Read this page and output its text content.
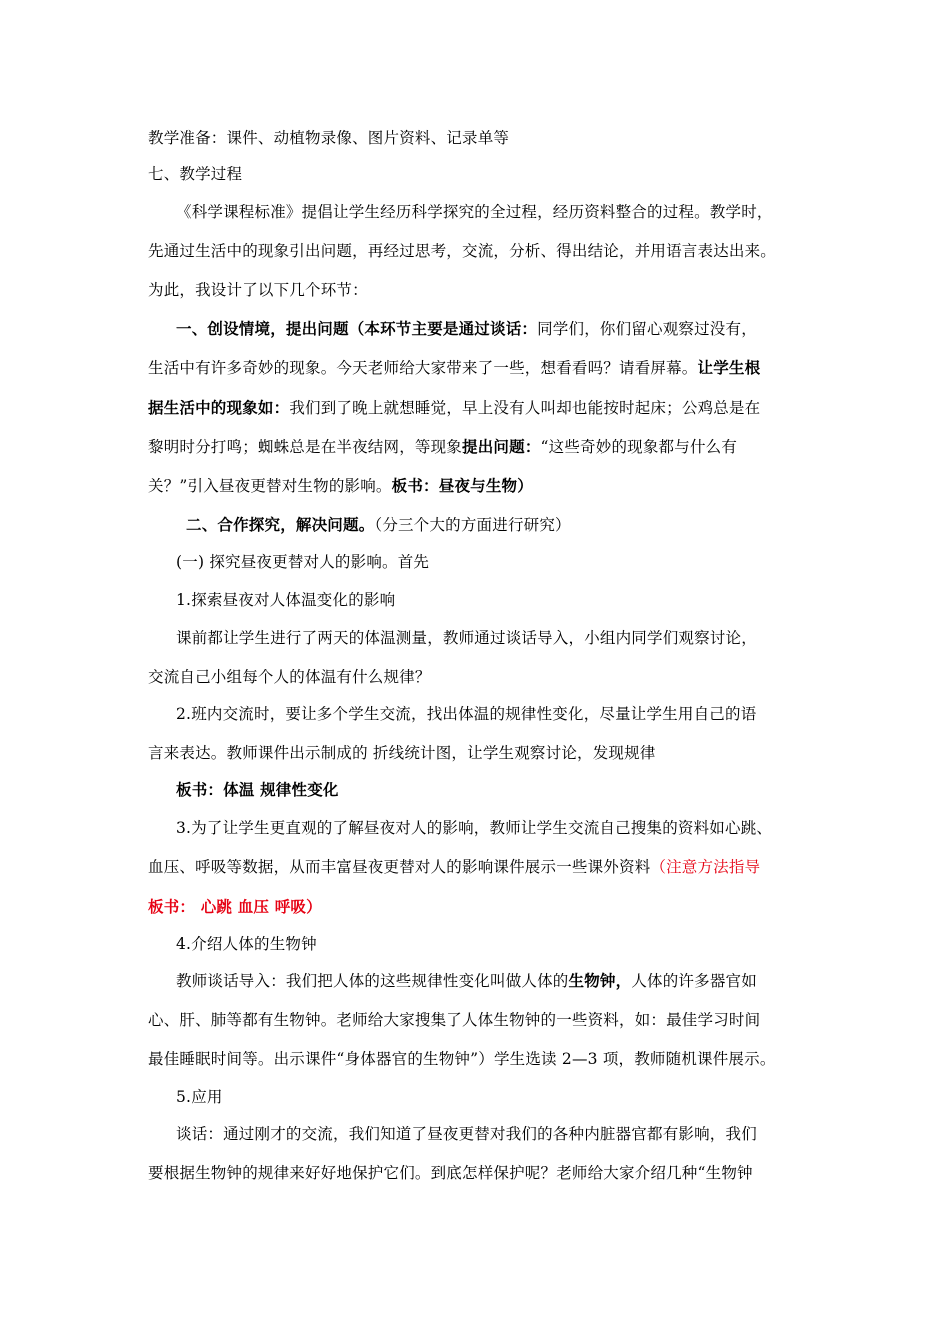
教学准备：课件、动植物录像、图片资料、记录单等
七、教学过程
《科学课程标准》提倡让学生经历科学探究的全过程，经历资料整合的过程。教学时，
先通过生活中的现象引出问题，再经过思考，交流，分析、得出结论，并用语言表达出来。
为此，我设计了以下几个环节：
一、创设情境，提出问题（本环节主要是通过谈话：同学们，你们留心观察过没有，
生活中有许多奇妙的现象。今天老师给大家带来了一些，想看看吗？请看屏幕。让学生根
据生活中的现象如：我们到了晚上就想睡觉，早上没有人叫却也能按时起床；公鸡总是在
黎明时分打鸣；蜘蛛总是在半夜结网，等现象提出问题：“这些奇妙的现象都与什么有
关？”引入昼夜更替对生物的影响。板书：昼夜与生物）
二、合作探究，解决问题。（分三个大的方面进行研究）
(一) 探究昼夜更替对人的影响。首先
1.探索昼夜对人体温变化的影响
课前都让学生进行了两天的体温测量，教师通过谈话导入，小组内同学们观察讨论，
交流自己小组每个人的体温有什么规律？
2.班内交流时，要让多个学生交流，找出体温的规律性变化，尽量让学生用自己的语
言来表达。教师课件出示制成的 折线统计图，让学生观察讨论，发现规律
板书：体温 规律性变化
3.为了让学生更直观的了解昼夜对人的影响，教师让学生交流自己搜集的资料如心跳、
血压、呼吸等数据，从而丰富昼夜更替对人的影响课件展示一些课外资料（注意方法指导
板书： 心跳 血压 呼吸）
4.介绍人体的生物钟
教师谈话导入：我们把人体的这些规律性变化叫做人体的生物钟，人体的许多器官如
心、肝、肺等都有生物钟。老师给大家搜集了人体生物钟的一些资料，如：最佳学习时间
最佳睡眠时间等。出示课件“身体器官的生物钟”）学生选读 2—3 项，教师随机课件展示。
5.应用
谈话：通过刚才的交流，我们知道了昼夜更替对我们的各种内脏器官都有影响，我们
要根据生物钟的规律来好好地保护它们。到底怎样保护呢？老师给大家介绍几种“生物钟
